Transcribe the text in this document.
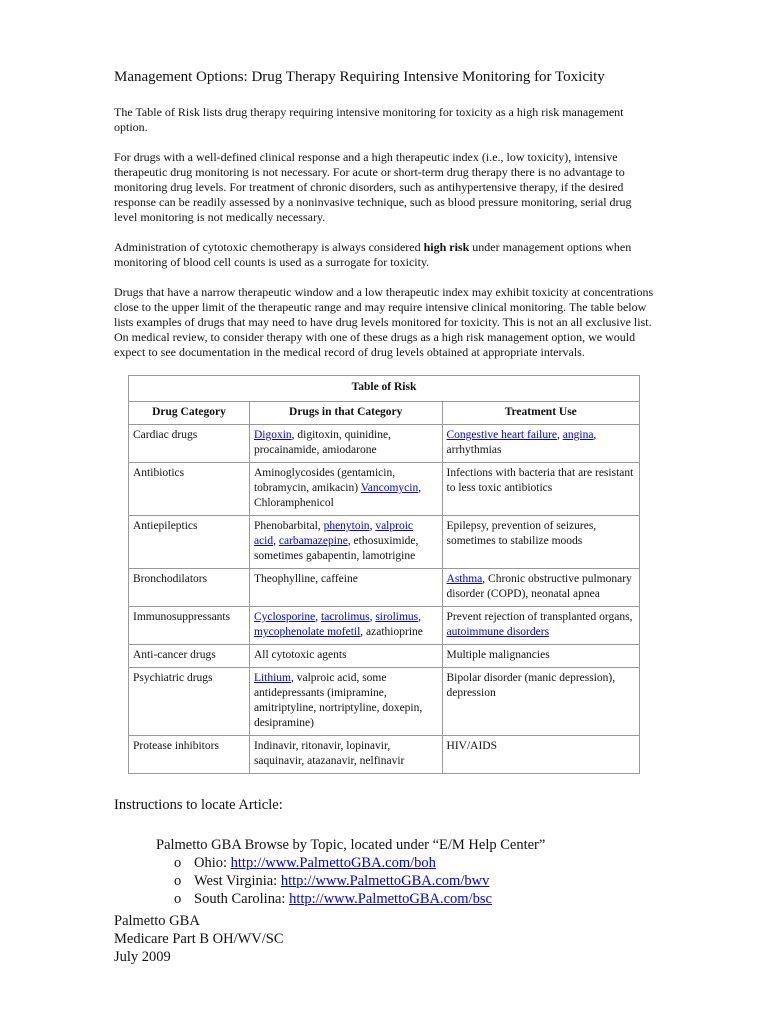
Management Options: Drug Therapy Requiring Intensive Monitoring for Toxicity

The Table of Risk lists drug therapy requiring intensive monitoring for toxicity as a high risk management option.

For drugs with a well-defined clinical response and a high therapeutic index (i.e., low toxicity), intensive therapeutic drug monitoring is not necessary. For acute or short-term drug therapy there is no advantage to monitoring drug levels. For treatment of chronic disorders, such as antihypertensive therapy, if the desired response can be readily assessed by a noninvasive technique, such as blood pressure monitoring, serial drug level monitoring is not medically necessary.

Administration of cytotoxic chemotherapy is always considered high risk under management options when monitoring of blood cell counts is used as a surrogate for toxicity.

Drugs that have a narrow therapeutic window and a low therapeutic index may exhibit toxicity at concentrations close to the upper limit of the therapeutic range and may require intensive clinical monitoring. The table below lists examples of drugs that may need to have drug levels monitored for toxicity. This is not an all exclusive list. On medical review, to consider therapy with one of these drugs as a high risk management option, we would expect to see documentation in the medical record of drug levels obtained at appropriate intervals.

Table of Risk		
Drug Category	Drugs in that Category	Treatment Use
Cardiac drugs	Digoxin, digitoxin, quinidine, procainamide, amiodarone	Congestive heart failure, angina, arrhythmias
Antibiotics	Aminoglycosides (gentamicin, tobramycin, amikacin) Vancomycin, Chloramphenicol	Infections with bacteria that are resistant to less toxic antibiotics
Antiepileptics	Phenobarbital, phenytoin, valproic acid, carbamazepine, ethosuximide, sometimes gabapentin, lamotrigine	Epilepsy, prevention of seizures, sometimes to stabilize moods
Bronchodilators	Theophylline, caffeine	Asthma, Chronic obstructive pulmonary disorder (COPD), neonatal apnea
Immunosuppressants	Cyclosporine, tacrolimus, sirolimus, mycophenolate mofetil, azathioprine	Prevent rejection of transplanted organs, autoimmune disorders
Anti-cancer drugs	All cytotoxic agents	Multiple malignancies
Psychiatric drugs	Lithium, valproic acid, some antidepressants (imipramine, amitriptyline, nortriptyline, doxepin, desipramine)	Bipolar disorder (manic depression), depression
Protease inhibitors	Indinavir, ritonavir, lopinavir, saquinavir, atazanavir, nelfinavir	HIV/AIDS
Instructions to locate Article:
Palmetto GBA Browse by Topic, located under “E/M Help Center”
o Ohio: http://www.PalmettoGBA.com/boh
o West Virginia: http://www.PalmettoGBA.com/bwv
o South Carolina: http://www.PalmettoGBA.com/bsc
Palmetto GBA
Medicare Part B OH/WV/SC
July 2009
